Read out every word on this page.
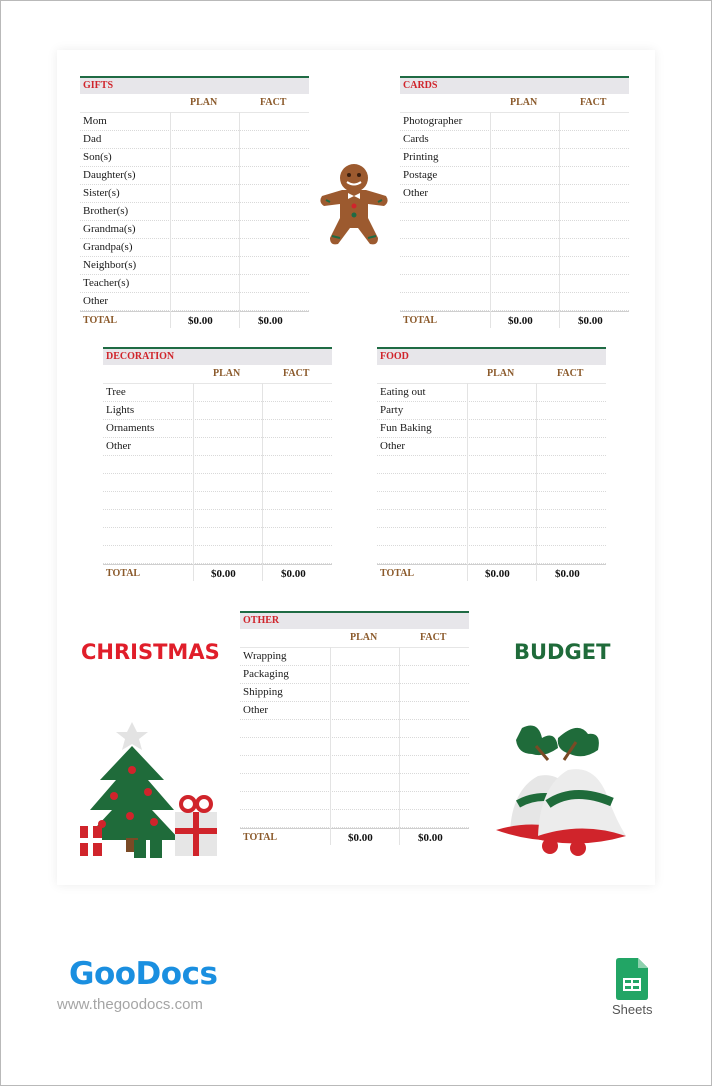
GIFTS
PLAN	FACT
Mom
Dad
Son(s)
Daughter(s)
Sister(s)
Brother(s)
Grandma(s)
Grandpa(s)
Neighbor(s)
Teacher(s)
Other
TOTAL	$0.00	$0.00
CARDS
PLAN	FACT
Photographer
Cards
Printing
Postage
Other
TOTAL	$0.00	$0.00
DECORATION
PLAN	FACT
Tree
Lights
Ornaments
Other
TOTAL	$0.00	$0.00
FOOD
PLAN	FACT
Eating out
Party
Fun Baking
Other
TOTAL	$0.00	$0.00
OTHER
PLAN	FACT
Wrapping
Packaging
Shipping
Other
TOTAL	$0.00	$0.00
CHRISTMAS	BUDGET
GooDocs
www.thegoodocs.com	Sheets
